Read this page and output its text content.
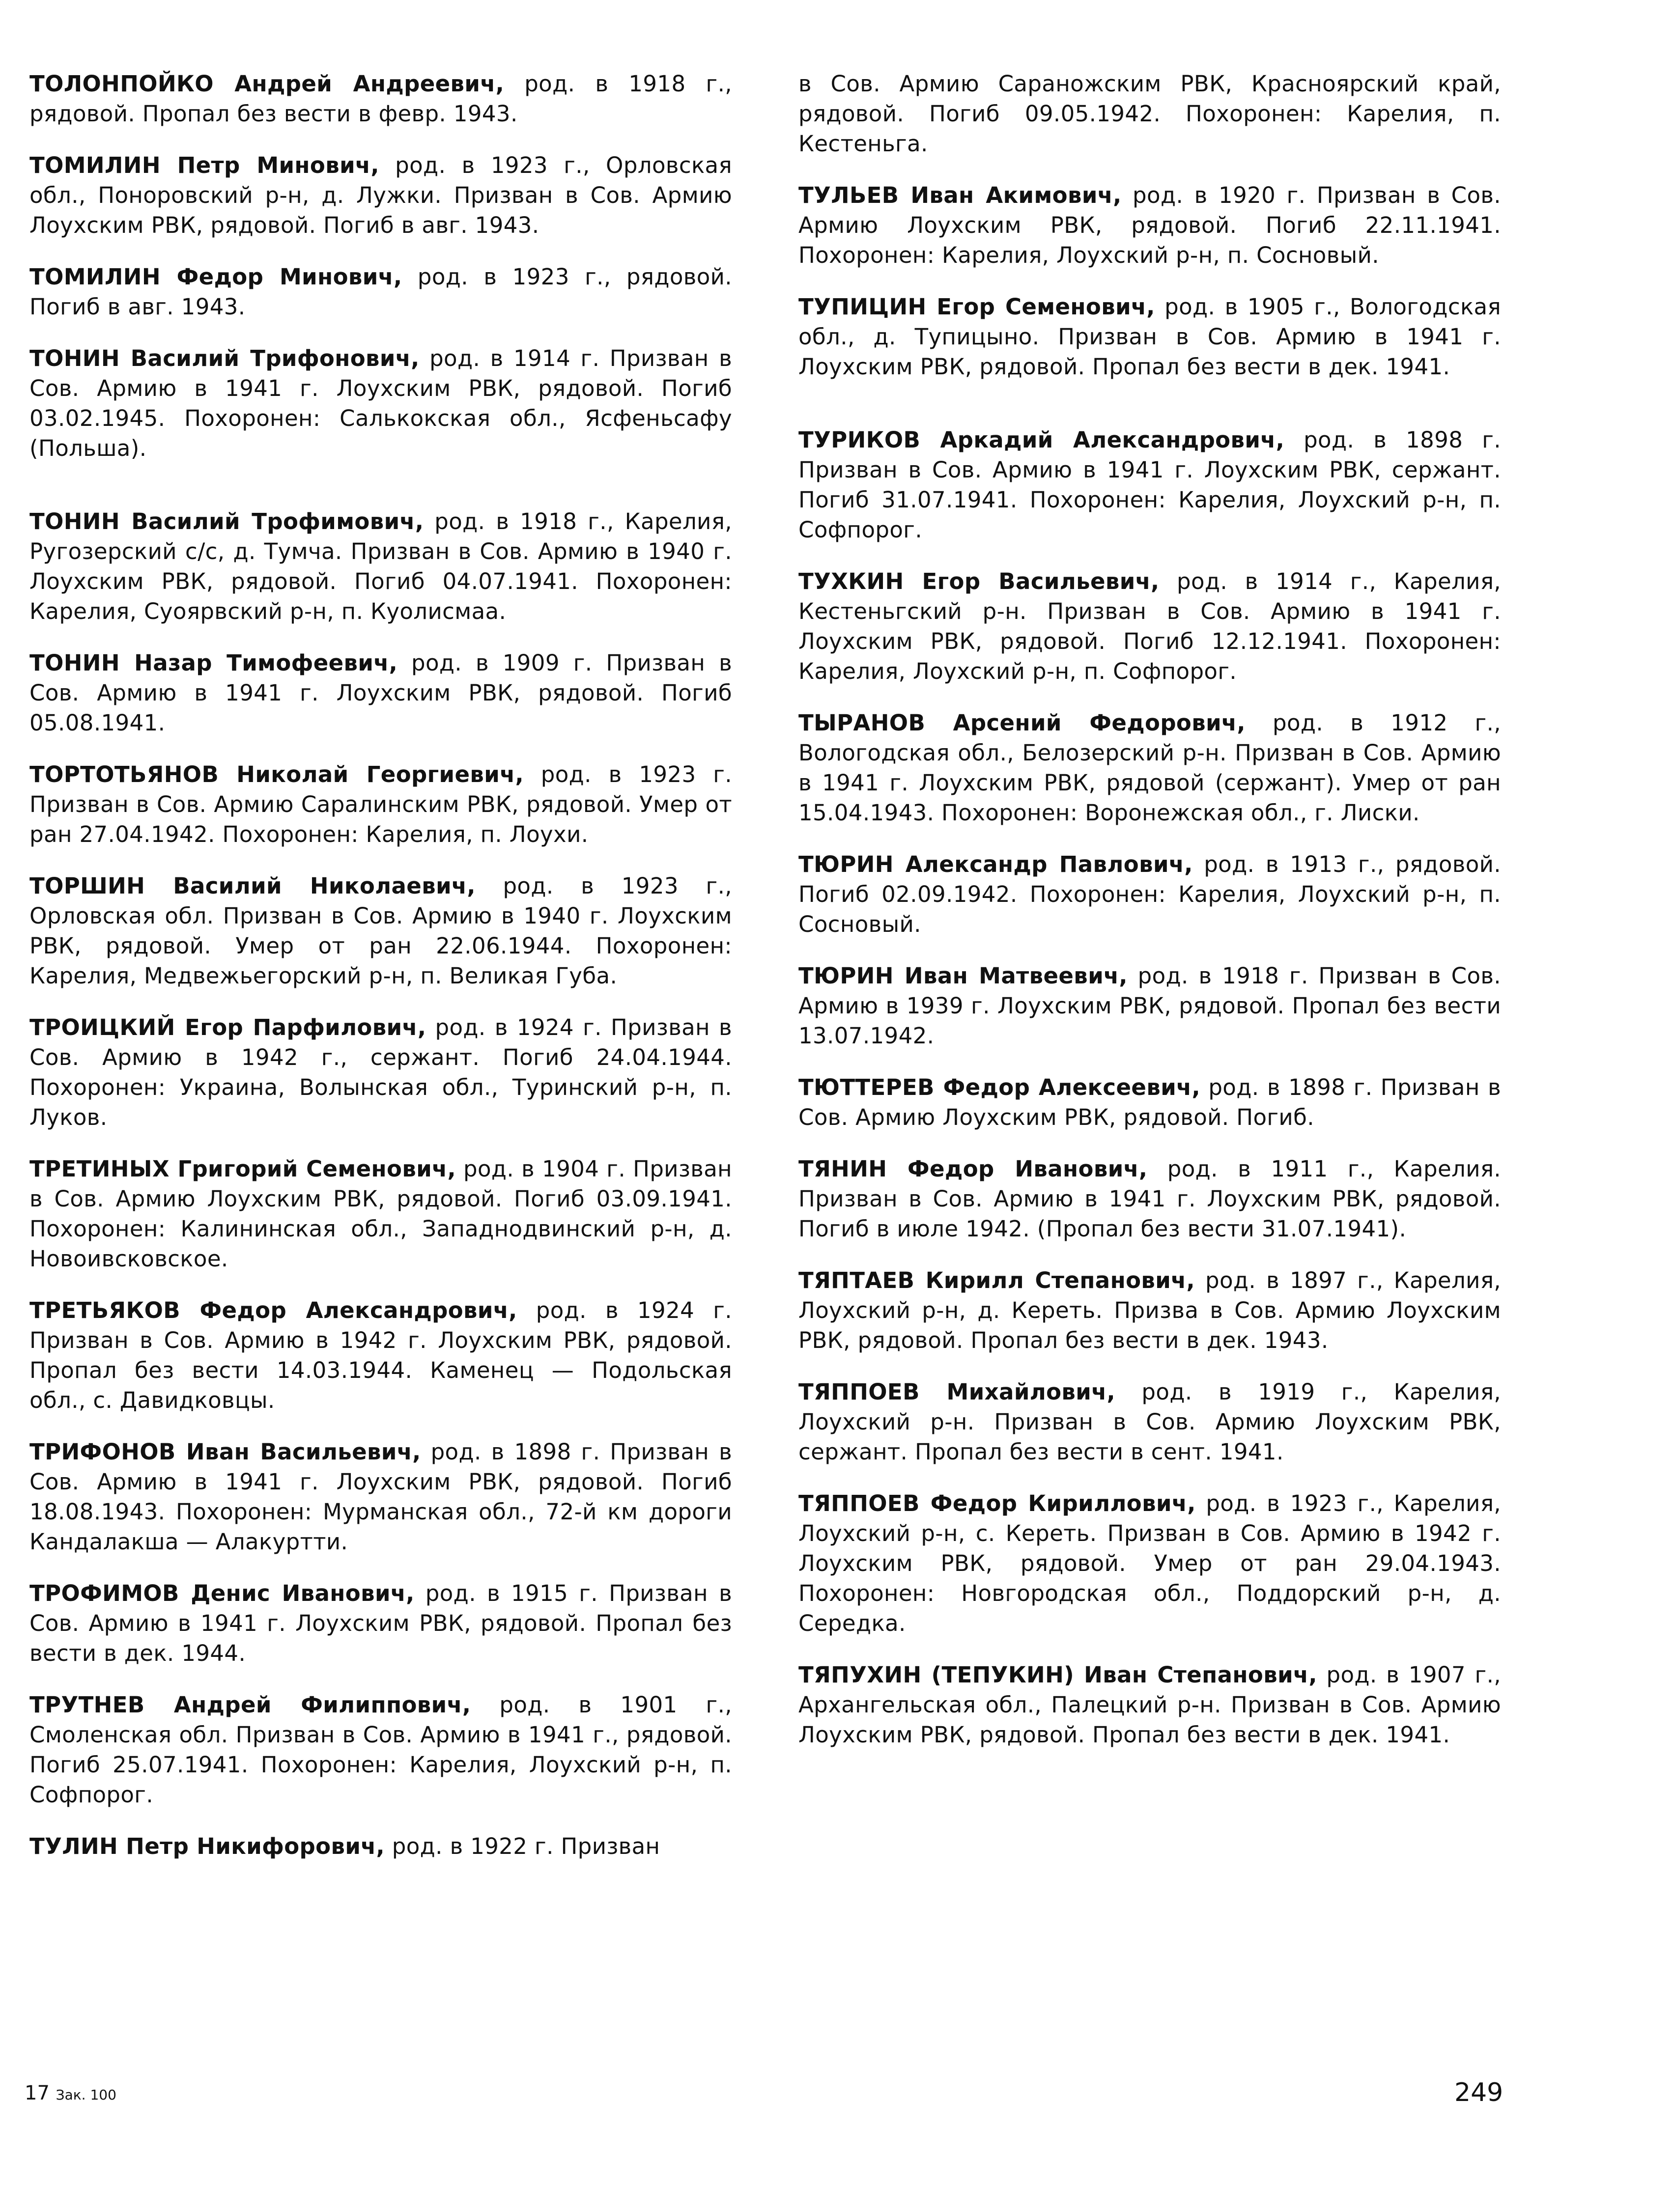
ТОЛОНПОЙКО Андрей Андреевич, род. в 1918 г., рядовой. Пропал без вести в февр. 1943.

ТОМИЛИН Петр Минович, род. в 1923 г., Орловская обл., Поноровский р-н, д. Лужки. Призван в Сов. Армию Лоухским РВК, рядовой. Погиб в авг. 1943.

ТОМИЛИН Федор Минович, род. в 1923 г., рядовой. Погиб в авг. 1943.

ТОНИН Василий Трифонович, род. в 1914 г. Призван в Сов. Армию в 1941 г. Лоухским РВК, рядовой. Погиб 03.02.1945. Похоронен: Салькокская обл., Ясфеньсафу (Польша).

ТОНИН Василий Трофимович, род. в 1918 г., Карелия, Ругозерский с/с, д. Тумча. Призван в Сов. Армию в 1940 г. Лоухским РВК, рядовой. Погиб 04.07.1941. Похоронен: Карелия, Суоярвский р-н, п. Куолисмаа.

ТОНИН Назар Тимофеевич, род. в 1909 г. Призван в Сов. Армию в 1941 г. Лоухским РВК, рядовой. Погиб 05.08.1941.

ТОРТОТЬЯНОВ Николай Георгиевич, род. в 1923 г. Призван в Сов. Армию Саралинским РВК, рядовой. Умер от ран 27.04.1942. Похоронен: Карелия, п. Лоухи.

ТОРШИН Василий Николаевич, род. в 1923 г., Орловская обл. Призван в Сов. Армию в 1940 г. Лоухским РВК, рядовой. Умер от ран 22.06.1944. Похоронен: Карелия, Медвежьегорский р-н, п. Великая Губа.

ТРОИЦКИЙ Егор Парфилович, род. в 1924 г. Призван в Сов. Армию в 1942 г., сержант. Погиб 24.04.1944. Похоронен: Украина, Волынская обл., Туринский р-н, п. Луков.

ТРЕТИНЫХ Григорий Семенович, род. в 1904 г. Призван в Сов. Армию Лоухским РВК, рядовой. Погиб 03.09.1941. Похоронен: Калининская обл., Западнодвинский р-н, д. Новоивсковское.

ТРЕТЬЯКОВ Федор Александрович, род. в 1924 г. Призван в Сов. Армию в 1942 г. Лоухским РВК, рядовой. Пропал без вести 14.03.1944. Каменец — Подольская обл., с. Давидковцы.

ТРИФОНОВ Иван Васильевич, род. в 1898 г. Призван в Сов. Армию в 1941 г. Лоухским РВК, рядовой. Погиб 18.08.1943. Похоронен: Мурманская обл., 72-й км дороги Кандалакша — Алакуртти.

ТРОФИМОВ Денис Иванович, род. в 1915 г. Призван в Сов. Армию в 1941 г. Лоухским РВК, рядовой. Пропал без вести в дек. 1944.

ТРУТНЕВ Андрей Филиппович, род. в 1901 г., Смоленская обл. Призван в Сов. Армию в 1941 г., рядовой. Погиб 25.07.1941. Похоронен: Карелия, Лоухский р-н, п. Софпорог.

ТУЛИН Петр Никифорович, род. в 1922 г. Призван

в Сов. Армию Сараножским РВК, Красноярский край, рядовой. Погиб 09.05.1942. Похоронен: Карелия, п. Кестеньга.

ТУЛЬЕВ Иван Акимович, род. в 1920 г. Призван в Сов. Армию Лоухским РВК, рядовой. Погиб 22.11.1941. Похоронен: Карелия, Лоухский р-н, п. Сосновый.

ТУПИЦИН Егор Семенович, род. в 1905 г., Вологодская обл., д. Тупицыно. Призван в Сов. Армию в 1941 г. Лоухским РВК, рядовой. Пропал без вести в дек. 1941.

ТУРИКОВ Аркадий Александрович, род. в 1898 г. Призван в Сов. Армию в 1941 г. Лоухским РВК, сержант. Погиб 31.07.1941. Похоронен: Карелия, Лоухский р-н, п. Софпорог.

ТУХКИН Егор Васильевич, род. в 1914 г., Карелия, Кестеньгский р-н. Призван в Сов. Армию в 1941 г. Лоухским РВК, рядовой. Погиб 12.12.1941. Похоронен: Карелия, Лоухский р-н, п. Софпорог.

ТЫРАНОВ Арсений Федорович, род. в 1912 г., Вологодская обл., Белозерский р-н. Призван в Сов. Армию в 1941 г. Лоухским РВК, рядовой (сержант). Умер от ран 15.04.1943. Похоронен: Воронежская обл., г. Лиски.

ТЮРИН Александр Павлович, род. в 1913 г., рядовой. Погиб 02.09.1942. Похоронен: Карелия, Лоухский р-н, п. Сосновый.

ТЮРИН Иван Матвеевич, род. в 1918 г. Призван в Сов. Армию в 1939 г. Лоухским РВК, рядовой. Пропал без вести 13.07.1942.

ТЮТТЕРЕВ Федор Алексеевич, род. в 1898 г. Призван в Сов. Армию Лоухским РВК, рядовой. Погиб.

ТЯНИН Федор Иванович, род. в 1911 г., Карелия. Призван в Сов. Армию в 1941 г. Лоухским РВК, рядовой. Погиб в июле 1942. (Пропал без вести 31.07.1941).

ТЯПТАЕВ Кирилл Степанович, род. в 1897 г., Карелия, Лоухский р-н, д. Кереть. Призва в Сов. Армию Лоухским РВК, рядовой. Пропал без вести в дек. 1943.

ТЯППОЕВ Михайлович, род. в 1919 г., Карелия, Лоухский р-н. Призван в Сов. Армию Лоухским РВК, сержант. Пропал без вести в сент. 1941.

ТЯППОЕВ Федор Кириллович, род. в 1923 г., Карелия, Лоухский р-н, с. Кереть. Призван в Сов. Армию в 1942 г. Лоухским РВК, рядовой. Умер от ран 29.04.1943. Похоронен: Новгородская обл., Поддорский р-н, д. Середка.

ТЯПУХИН (ТЕПУКИН) Иван Степанович, род. в 1907 г., Архангельская обл., Палецкий р-н. Призван в Сов. Армию Лоухским РВК, рядовой. Пропал без вести в дек. 1941.

17 Зак. 100	249
